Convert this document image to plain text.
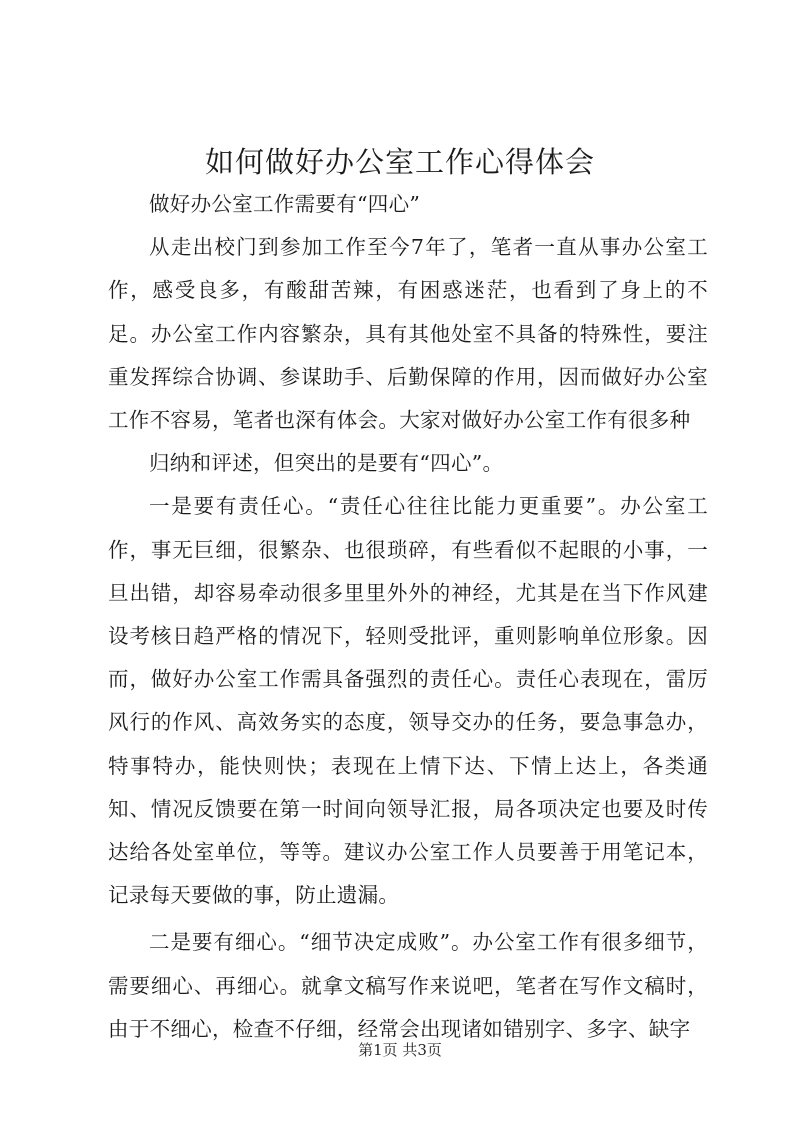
如何做好办公室工作心得体会

做好办公室工作需要有“四心”

从走出校门到参加工作至今7年了，笔者一直从事办公室工作，感受良多，有酸甜苦辣，有困惑迷茫，也看到了身上的不足。办公室工作内容繁杂，具有其他处室不具备的特殊性，要注重发挥综合协调、参谋助手、后勤保障的作用，因而做好办公室工作不容易，笔者也深有体会。大家对做好办公室工作有很多种

归纳和评述，但突出的是要有“四心”。

一是要有责任心。“责任心往往比能力更重要”。办公室工作，事无巨细，很繁杂、也很琐碎，有些看似不起眼的小事，一旦出错，却容易牵动很多里里外外的神经，尤其是在当下作风建设考核日趋严格的情况下，轻则受批评，重则影响单位形象。因而，做好办公室工作需具备强烈的责任心。责任心表现在，雷厉风行的作风、高效务实的态度，领导交办的任务，要急事急办，特事特办，能快则快；表现在上情下达、下情上达上，各类通知、情况反馈要在第一时间向领导汇报，局各项决定也要及时传达给各处室单位，等等。建议办公室工作人员要善于用笔记本，记录每天要做的事，防止遗漏。

二是要有细心。“细节决定成败”。办公室工作有很多细节，需要细心、再细心。就拿文稿写作来说吧，笔者在写作文稿时，由于不细心，检查不仔细，经常会出现诸如错别字、多字、缺字

第1页 共3页
